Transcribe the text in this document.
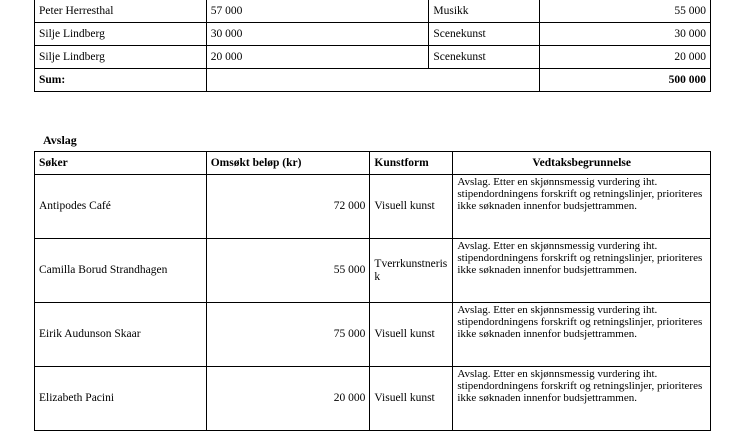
Peter Herresthal	57 000	Musikk	55 000
Silje Lindberg	30 000	Scenekunst	30 000
Silje Lindberg	20 000	Scenekunst	20 000
Sum:			500 000
Avslag
Søker	Omsøkt beløp (kr)	Kunstform	Vedtaksbegrunnelse
Antipodes Café	72 000	Visuell kunst	Avslag. Etter en skjønnsmessig vurdering iht. stipendordningens forskrift og retningslinjer, prioriteres ikke søknaden innenfor budsjettrammen.
Camilla Borud Strandhagen	55 000	Tverrkunstnerisk	Avslag. Etter en skjønnsmessig vurdering iht. stipendordningens forskrift og retningslinjer, prioriteres ikke søknaden innenfor budsjettrammen.
Eirik Audunson Skaar	75 000	Visuell kunst	Avslag. Etter en skjønnsmessig vurdering iht. stipendordningens forskrift og retningslinjer, prioriteres ikke søknaden innenfor budsjettrammen.
Elizabeth Pacini	20 000	Visuell kunst	Avslag. Etter en skjønnsmessig vurdering iht. stipendordningens forskrift og retningslinjer, prioriteres ikke søknaden innenfor budsjettrammen.
